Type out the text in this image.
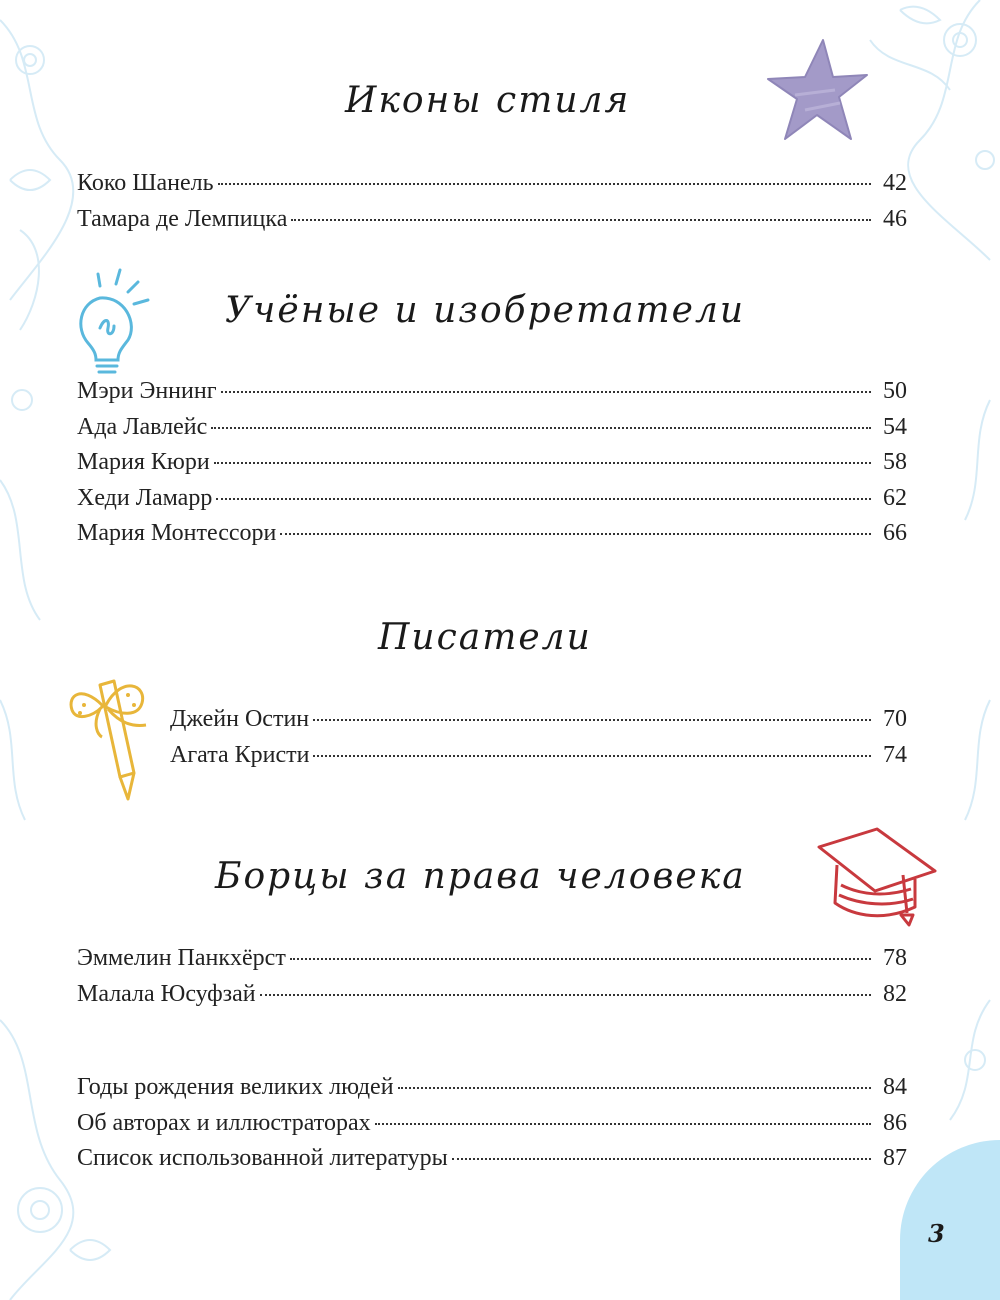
3
Иконы стиля
Коко Шанель	42
Тамара де Лемпицка	46
Учёные и изобретатели
Мэри Эннинг	50
Ада Лавлейс	54
Мария Кюри	58
Хеди Ламарр	62
Мария Монтессори	66
Писатели
Джейн Остин	70
Агата Кристи	74
Борцы за права человека
Эммелин Панкхёрст	78
Малала Юсуфзай	82
Годы рождения великих людей	84
Об авторах и иллюстраторах	86
Список использованной литературы	87
